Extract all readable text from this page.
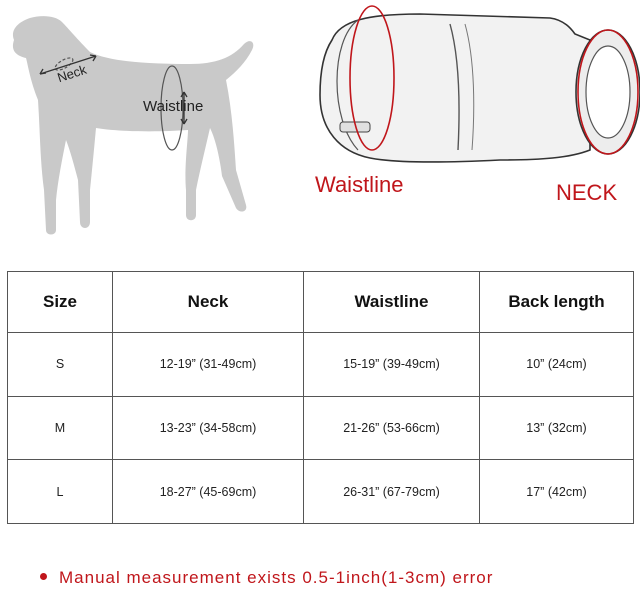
Neck
Waistline
Waistline	NECK
Size	Neck	Waistline	Back length
S	12-19” (31-49cm)	15-19” (39-49cm)	10” (24cm)
M	13-23” (34-58cm)	21-26” (53-66cm)	13” (32cm)
L	18-27” (45-69cm)	26-31” (67-79cm)	17” (42cm)
Manual measurement exists 0.5-1inch(1-3cm) error
